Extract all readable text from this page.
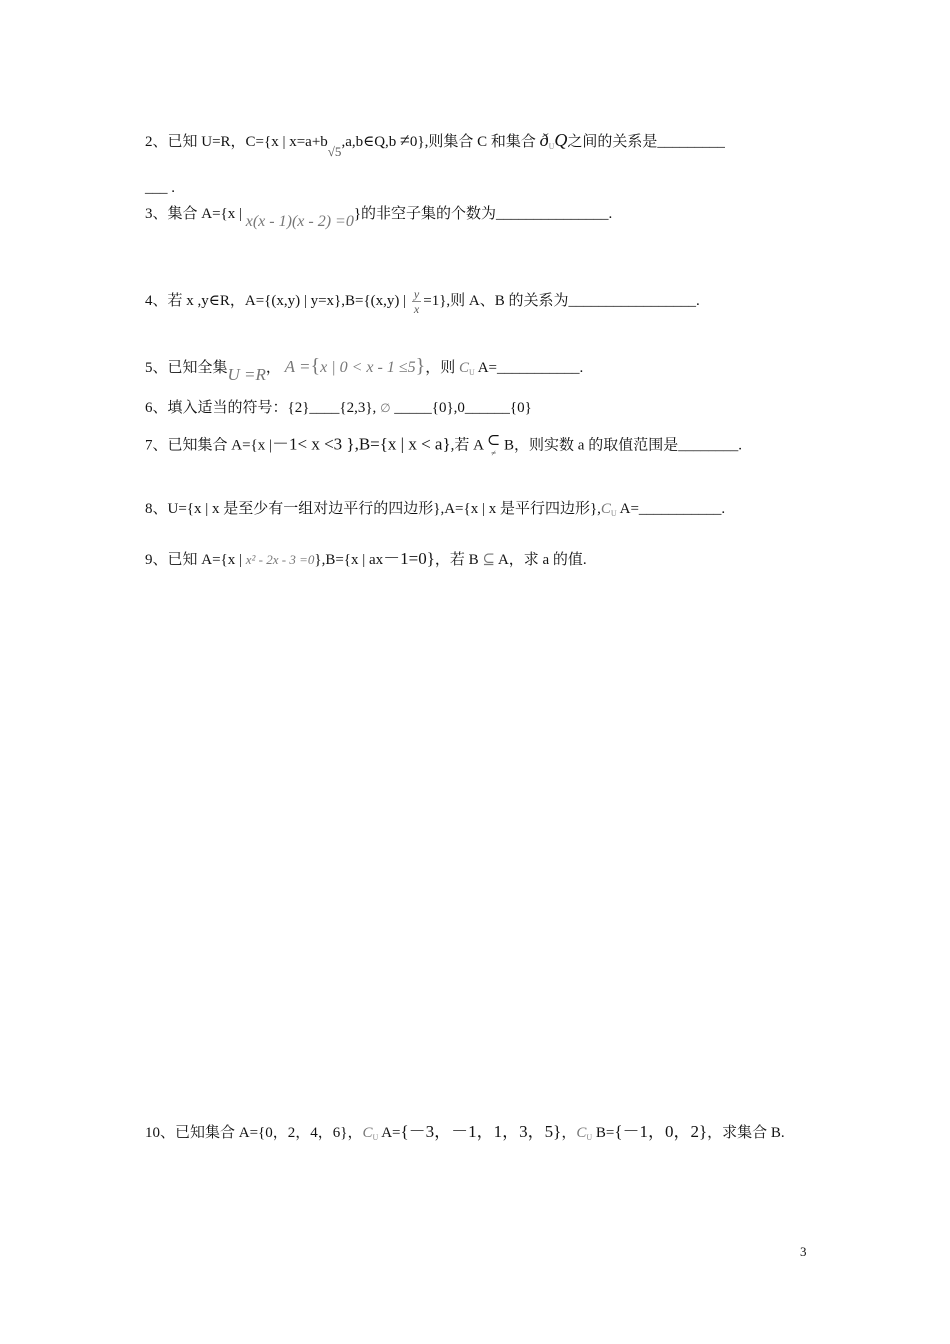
2、已知 U=R，C={x | x=a+b√5,a,b∈Q,b ≠0},则集合 C 和集合 $ð_UQ$之间的关系是_________
___ .
3、集合 A={x | x(x - 1)(x - 2) =0}的非空子集的个数为_______________.
4、若 x ,y∈R，A={(x,y) | y=x},B={(x,y) | $\frac{y}{x} =1$},则 A、B 的关系为_________________.
5、已知全集U =R， A ={x | 0 < x - 1 ≤5}，则 $C_U$ A=___________.
6、填入适当的符号：{2}____{2,3}, ∅ _____{0},0______{0}
7、已知集合 A={x |－1< x <3 },B={x | x < a},若 A ⊂
≠ B，则实数 a 的取值范围是________.
8、U={x | x 是至少有一组对边平行的四边形},A={x | x 是平行四边形}$,C_U$ A=___________.
9、已知 A={x | x² - 2x - 3 =0},B={x | ax－1=0}，若 B ⊆ A，求 a 的值.
10、已知集合 A={0，2，4，6}，$C_U$ A={－3，－1，1，3，5}，$C_U$ B={－1，0，2}，求集合 B.
3
